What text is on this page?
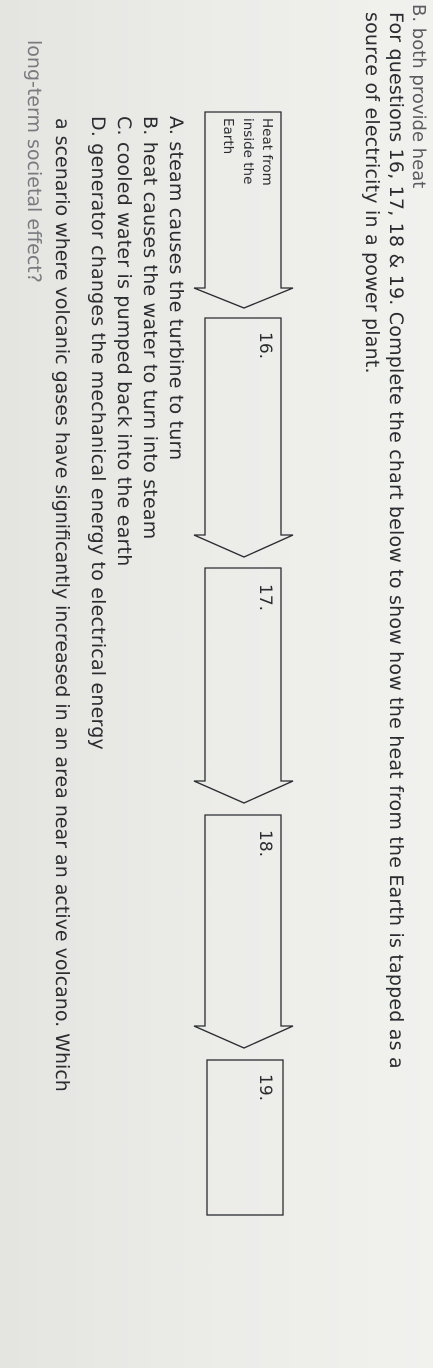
B. both provide heat
For questions 16, 17, 18 & 19. Complete the chart below to show how the heat from the Earth is tapped as a
source of electricity in a power plant.
Heat from
inside the
Earth
16.
17.
18.
19.
A. steam causes the turbine to turn
B. heat causes the water to turn into steam
C. cooled water is pumped back into the earth
D. generator changes the mechanical energy to electrical energy
a scenario where volcanic gases have significantly increased in an area near an active volcano. Which
long-term societal effect?
